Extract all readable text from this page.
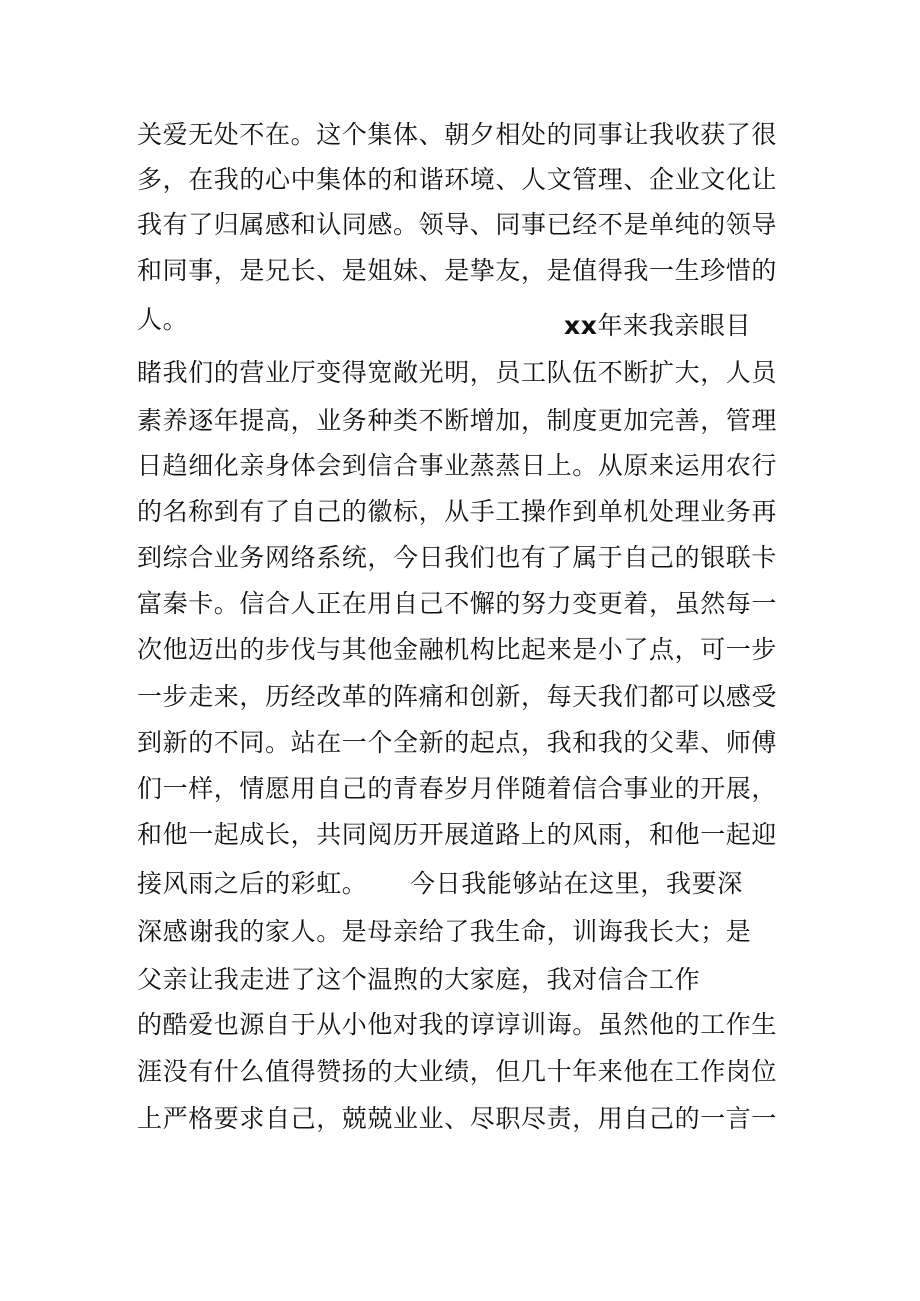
关爱无处不在。这个集体、朝夕相处的同事让我收获了很
多，在我的心中集体的和谐环境、人文管理、企业文化让
我有了归属感和认同感。领导、同事已经不是单纯的领导
和同事，是兄长、是姐妹、是挚友，是值得我一生珍惜的
人。	xx年来我亲眼目
睹我们的营业厅变得宽敞光明，员工队伍不断扩大，人员
素养逐年提高，业务种类不断增加，制度更加完善，管理
日趋细化亲身体会到信合事业蒸蒸日上。从原来运用农行
的名称到有了自己的徽标，从手工操作到单机处理业务再
到综合业务网络系统，今日我们也有了属于自己的银联卡
富秦卡。信合人正在用自己不懈的努力变更着，虽然每一
次他迈出的步伐与其他金融机构比起来是小了点，可一步
一步走来，历经改革的阵痛和创新，每天我们都可以感受
到新的不同。站在一个全新的起点，我和我的父辈、师傅
们一样，情愿用自己的青春岁月伴随着信合事业的开展，
和他一起成长，共同阅历开展道路上的风雨，和他一起迎
接风雨之后的彩虹。 今日我能够站在这里，我要深
深感谢我的家人。是母亲给了我生命，训诲我长大；是
父亲让我走进了这个温煦的大家庭，我对信合工作
的酷爱也源自于从小他对我的谆谆训诲。虽然他的工作生
涯没有什么值得赞扬的大业绩，但几十年来他在工作岗位
上严格要求自己，兢兢业业、尽职尽责，用自己的一言一
